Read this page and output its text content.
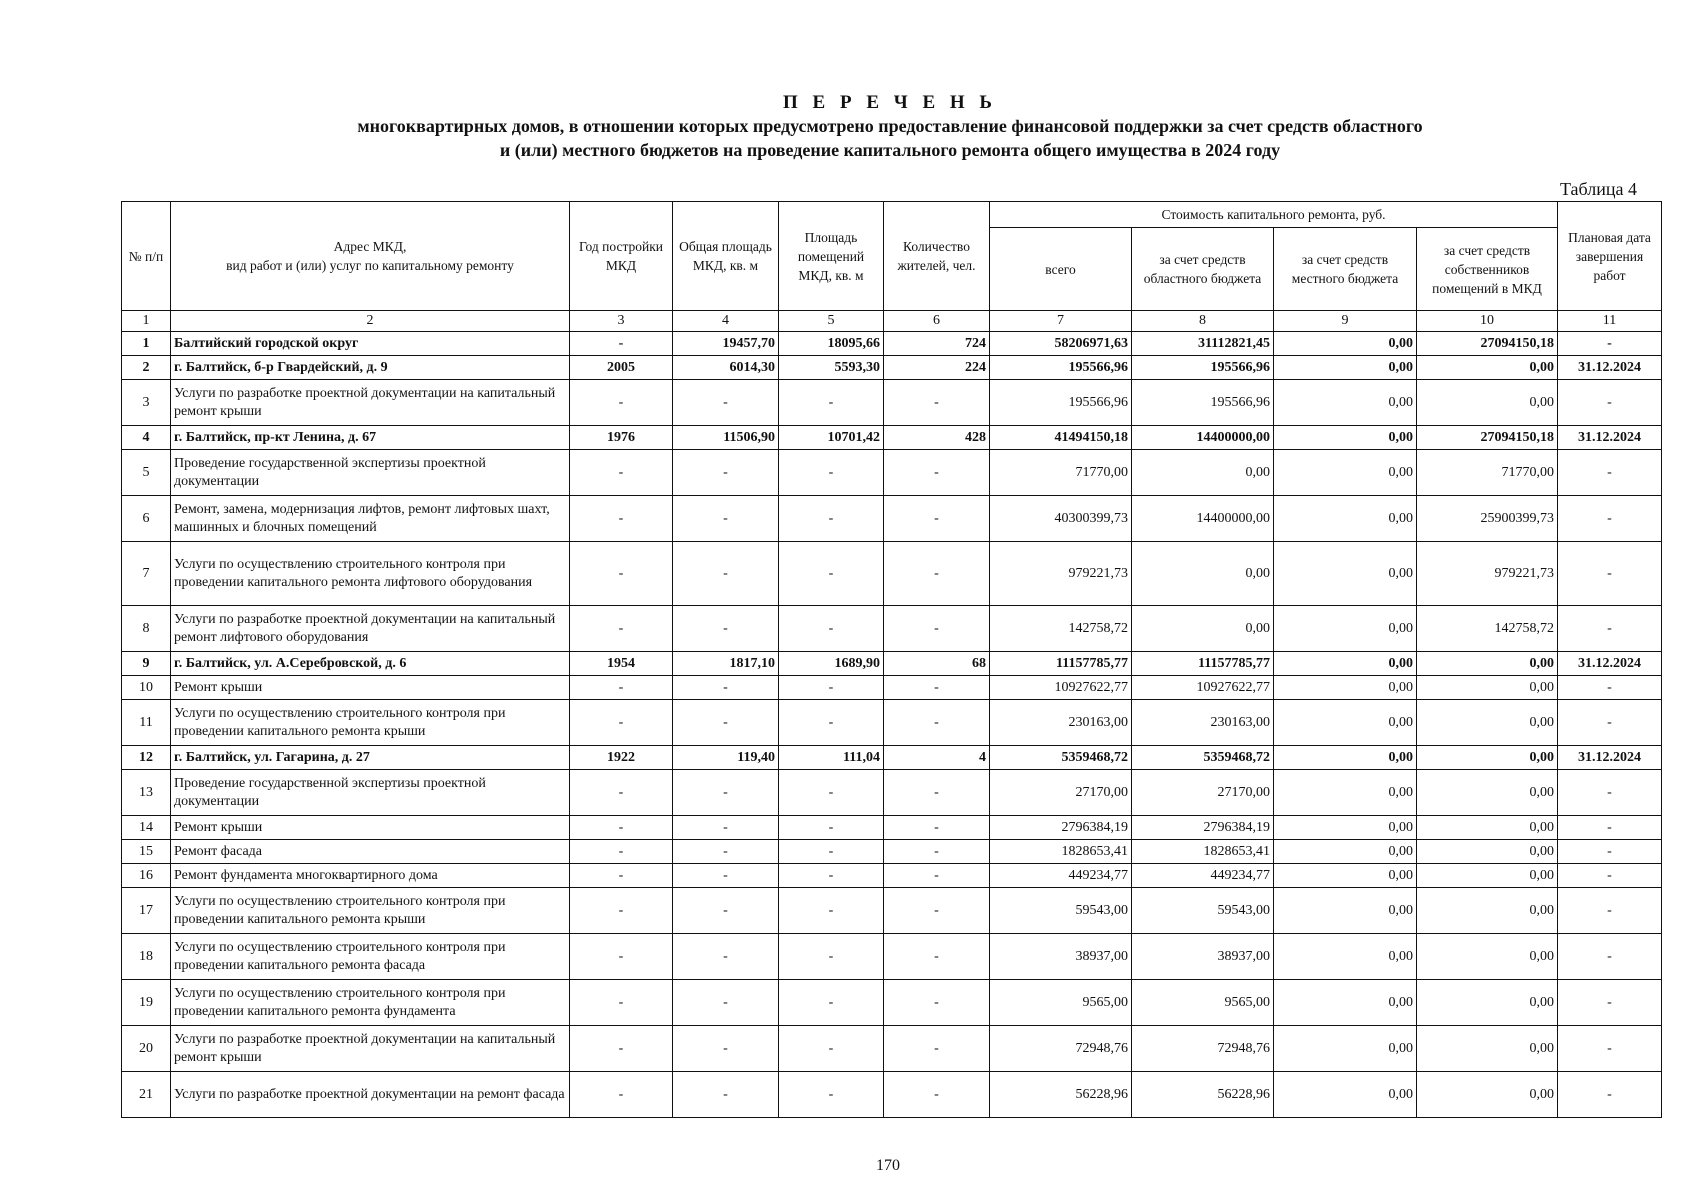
П Е Р Е Ч Е Н Ь
многоквартирных домов, в отношении которых предусмотрено предоставление финансовой поддержки за счет средств областного
и (или) местного бюджетов на проведение капитального ремонта общего имущества в 2024 году
Таблица 4
№ п/п	Адрес МКД,
вид работ и (или) услуг по капитальному ремонту	Год постройки МКД	Общая площадь МКД, кв. м	Площадь помещений МКД, кв. м	Количество жителей, чел.	Стоимость капитального ремонта, руб.				Плановая дата завершения работ
						всего	за счет средств областного бюджета	за счет средств местного бюджета	за счет средств собственников помещений в МКД	
1	2	3	4	5	6	7	8	9	10	11
1	Балтийский городской округ	-	19457,70	18095,66	724	58206971,63	31112821,45	0,00	27094150,18	-
2	г. Балтийск, б-р Гвардейский, д. 9	2005	6014,30	5593,30	224	195566,96	195566,96	0,00	0,00	31.12.2024
3	Услуги по разработке проектной документации на капитальный ремонт крыши	-	-	-	-	195566,96	195566,96	0,00	0,00	-
4	г. Балтийск, пр-кт Ленина, д. 67	1976	11506,90	10701,42	428	41494150,18	14400000,00	0,00	27094150,18	31.12.2024
5	Проведение государственной экспертизы проектной документации	-	-	-	-	71770,00	0,00	0,00	71770,00	-
6	Ремонт, замена, модернизация лифтов, ремонт лифтовых шахт, машинных и блочных помещений	-	-	-	-	40300399,73	14400000,00	0,00	25900399,73	-
7	Услуги по осуществлению строительного контроля при проведении капитального ремонта лифтового оборудования	-	-	-	-	979221,73	0,00	0,00	979221,73	-
8	Услуги по разработке проектной документации на капитальный ремонт лифтового оборудования	-	-	-	-	142758,72	0,00	0,00	142758,72	-
9	г. Балтийск, ул. А.Серебровской, д. 6	1954	1817,10	1689,90	68	11157785,77	11157785,77	0,00	0,00	31.12.2024
10	Ремонт крыши	-	-	-	-	10927622,77	10927622,77	0,00	0,00	-
11	Услуги по осуществлению строительного контроля при проведении капитального ремонта крыши	-	-	-	-	230163,00	230163,00	0,00	0,00	-
12	г. Балтийск, ул. Гагарина, д. 27	1922	119,40	111,04	4	5359468,72	5359468,72	0,00	0,00	31.12.2024
13	Проведение государственной экспертизы проектной документации	-	-	-	-	27170,00	27170,00	0,00	0,00	-
14	Ремонт крыши	-	-	-	-	2796384,19	2796384,19	0,00	0,00	-
15	Ремонт фасада	-	-	-	-	1828653,41	1828653,41	0,00	0,00	-
16	Ремонт фундамента многоквартирного дома	-	-	-	-	449234,77	449234,77	0,00	0,00	-
17	Услуги по осуществлению строительного контроля при проведении капитального ремонта крыши	-	-	-	-	59543,00	59543,00	0,00	0,00	-
18	Услуги по осуществлению строительного контроля при проведении капитального ремонта фасада	-	-	-	-	38937,00	38937,00	0,00	0,00	-
19	Услуги по осуществлению строительного контроля при проведении капитального ремонта фундамента	-	-	-	-	9565,00	9565,00	0,00	0,00	-
20	Услуги по разработке проектной документации на капитальный ремонт крыши	-	-	-	-	72948,76	72948,76	0,00	0,00	-
21	Услуги по разработке проектной документации на ремонт фасада	-	-	-	-	56228,96	56228,96	0,00	0,00	-
170
